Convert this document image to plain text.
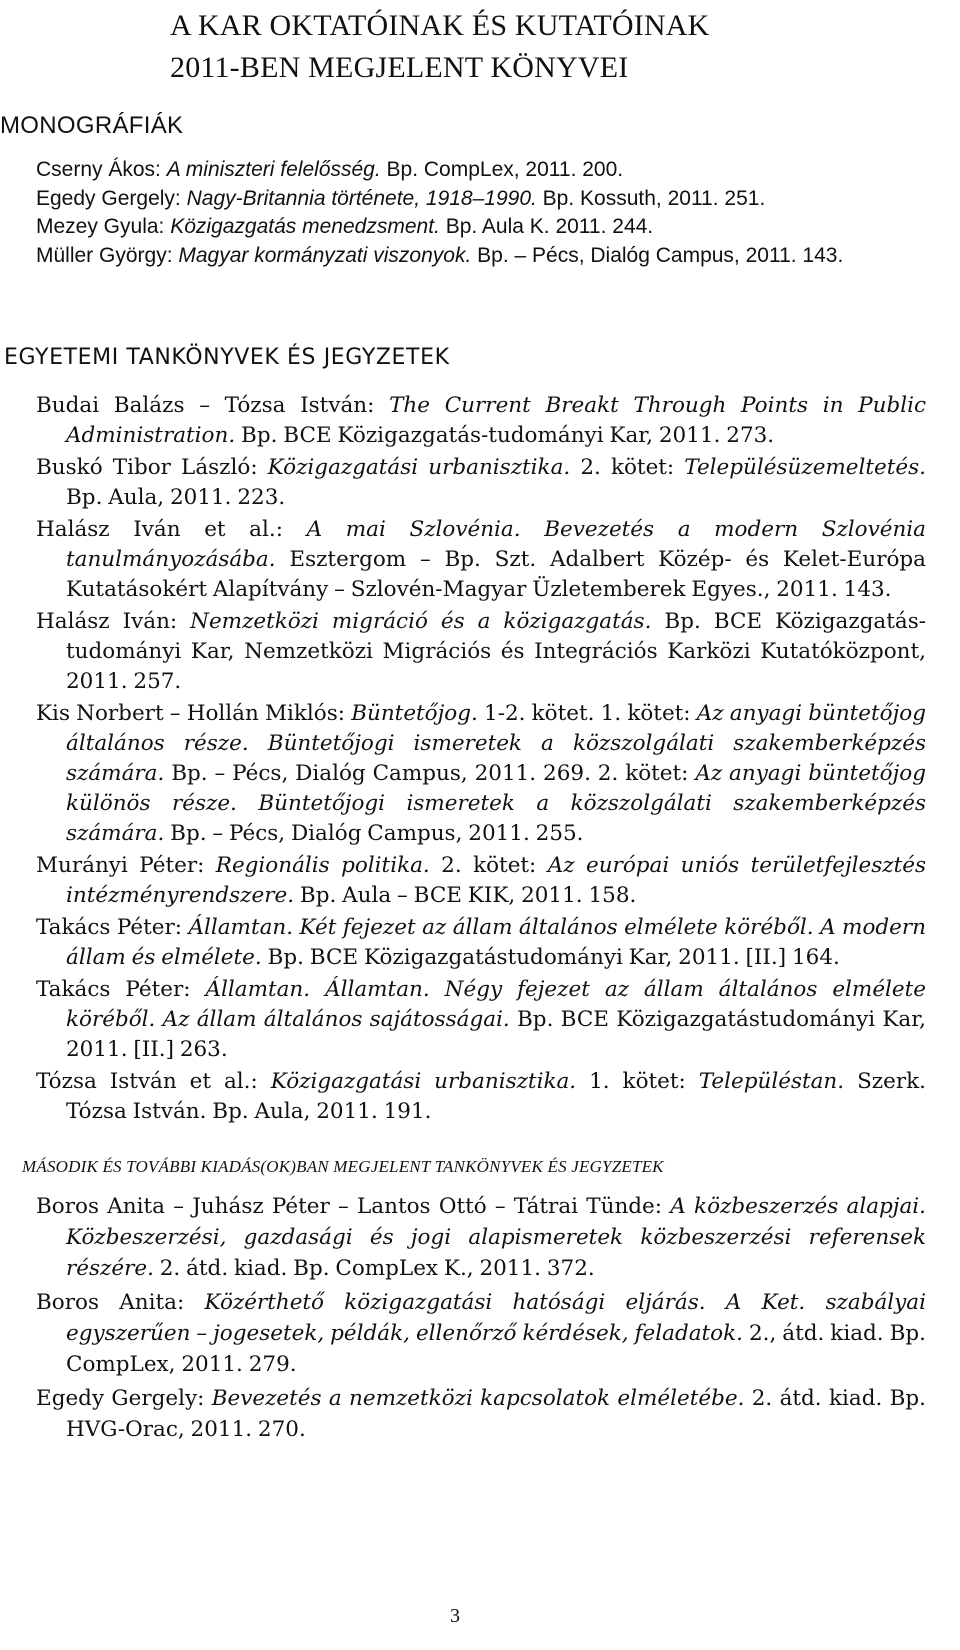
A KAR OKTATÓINAK ÉS KUTATÓINAK
2011-BEN MEGJELENT KÖNYVEI
MONOGRÁFIÁK
Cserny Ákos: A miniszteri felelősség. Bp. CompLex, 2011. 200.
Egedy Gergely: Nagy-Britannia története, 1918–1990. Bp. Kossuth, 2011. 251.
Mezey Gyula: Közigazgatás menedzsment. Bp. Aula K. 2011. 244.
Müller György: Magyar kormányzati viszonyok. Bp. – Pécs, Dialóg Campus, 2011. 143.
EGYETEMI TANKÖNYVEK ÉS JEGYZETEK
Budai Balázs – Tózsa István: The Current Breakt Through Points in Public Administration. Bp. BCE Közigazgatás-tudományi Kar, 2011. 273.
Buskó Tibor László: Közigazgatási urbanisztika. 2. kötet: Településüzemeltetés. Bp. Aula, 2011. 223.
Halász Iván et al.: A mai Szlovénia. Bevezetés a modern Szlovénia tanulmányozásába. Esztergom – Bp. Szt. Adalbert Közép- és Kelet-Európa Kutatásokért Alapítvány – Szlovén-Magyar Üzletemberek Egyes., 2011. 143.
Halász Iván: Nemzetközi migráció és a közigazgatás. Bp. BCE Közigazgatás-tudományi Kar, Nemzetközi Migrációs és Integrációs Karközi Kutatóközpont, 2011. 257.
Kis Norbert – Hollán Miklós: Büntetőjog. 1-2. kötet. 1. kötet: Az anyagi büntetőjog általános része. Büntetőjogi ismeretek a közszolgálati szakemberképzés számára. Bp. – Pécs, Dialóg Campus, 2011. 269. 2. kötet: Az anyagi büntetőjog különös része. Büntetőjogi ismeretek a közszolgálati szakemberképzés számára. Bp. – Pécs, Dialóg Campus, 2011. 255.
Murányi Péter: Regionális politika. 2. kötet: Az európai uniós területfejlesztés intézményrendszere. Bp. Aula – BCE KIK, 2011. 158.
Takács Péter: Államtan. Két fejezet az állam általános elmélete köréből. A modern állam és elmélete. Bp. BCE Közigazgatástudományi Kar, 2011. [II.] 164.
Takács Péter: Államtan. Államtan. Négy fejezet az állam általános elmélete köréből. Az állam általános sajátosságai. Bp. BCE Közigazgatástudományi Kar, 2011. [II.] 263.
Tózsa István et al.: Közigazgatási urbanisztika. 1. kötet: Településtan. Szerk. Tózsa István. Bp. Aula, 2011. 191.
MÁSODIK ÉS TOVÁBBI KIADÁS(OK)BAN MEGJELENT TANKÖNYVEK ÉS JEGYZETEK
Boros Anita – Juhász Péter – Lantos Ottó – Tátrai Tünde: A közbeszerzés alapjai. Közbeszerzési, gazdasági és jogi alapismeretek közbeszerzési referensek részére. 2. átd. kiad. Bp. CompLex K., 2011. 372.
Boros Anita: Közérthető közigazgatási hatósági eljárás. A Ket. szabályai egyszerűen – jogesetek, példák, ellenőrző kérdések, feladatok. 2., átd. kiad. Bp. CompLex, 2011. 279.
Egedy Gergely: Bevezetés a nemzetközi kapcsolatok elméletébe. 2. átd. kiad. Bp. HVG-Orac, 2011. 270.
3
